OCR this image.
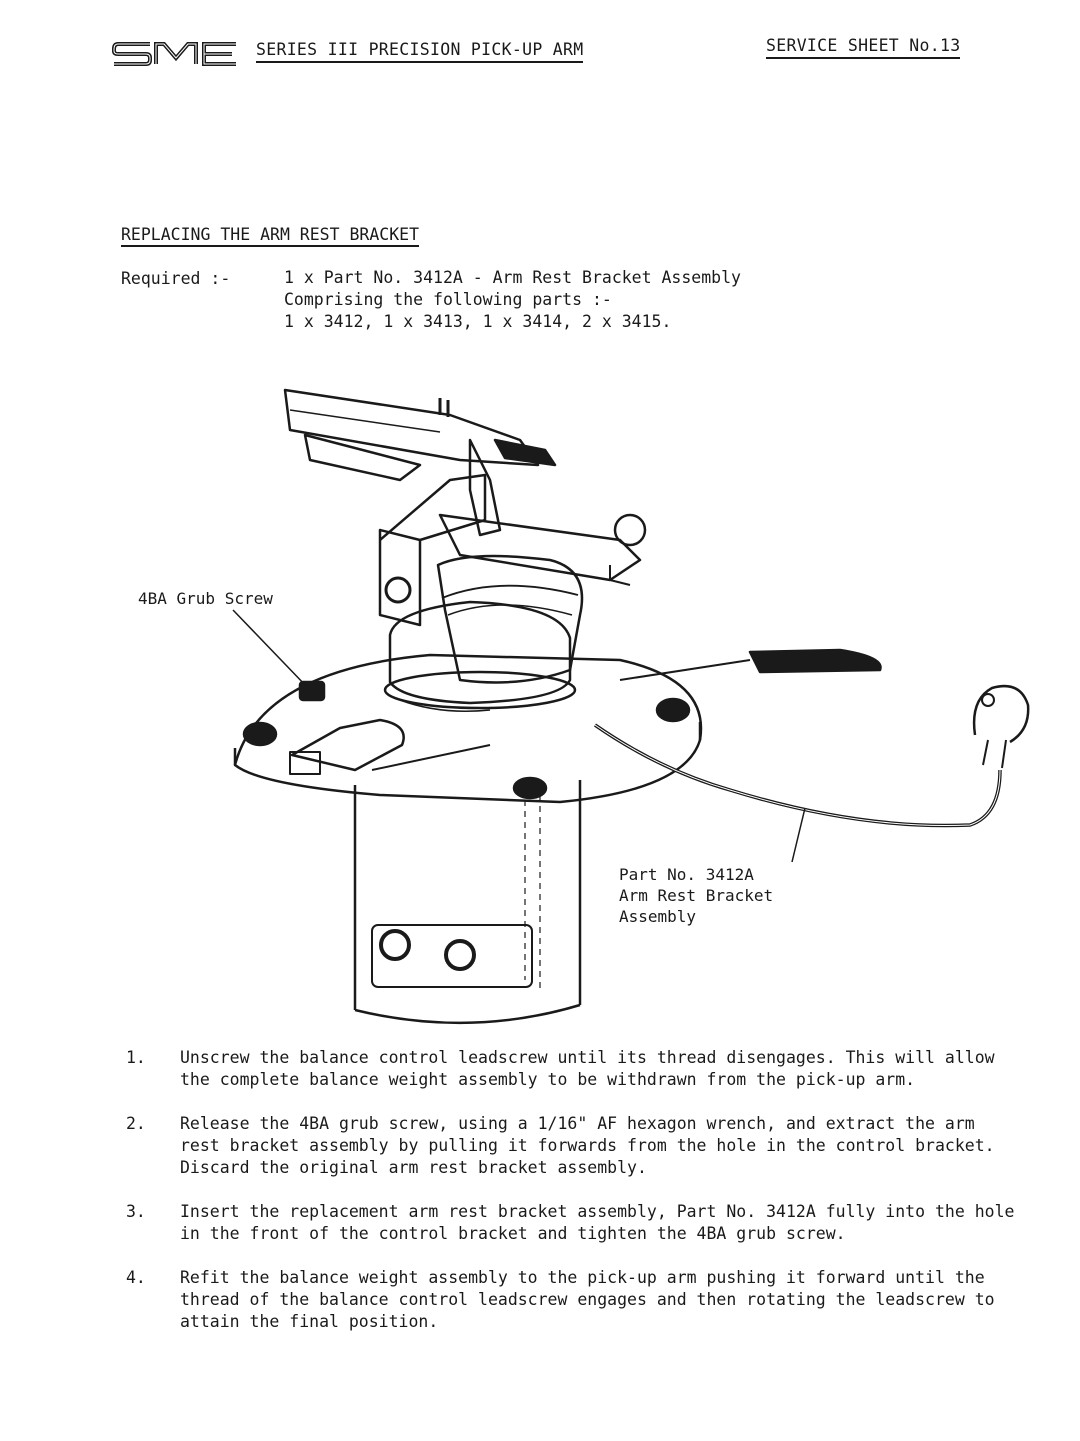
SERIES III PRECISION PICK-UP ARM	SERVICE SHEET No.13
REPLACING THE ARM REST BRACKET
Required :-	1 x Part No. 3412A - Arm Rest Bracket Assembly
Comprising the following parts :-
1 x 3412, 1 x 3413, 1 x 3414, 2 x 3415.
4BA Grub Screw
Part No. 3412A
Arm Rest Bracket
Assembly
1.	Unscrew the balance control leadscrew until its thread disengages. This will allow the complete balance weight assembly to be withdrawn from the pick-up arm.
2.	Release the 4BA grub screw, using a 1/16" AF hexagon wrench, and extract the arm rest bracket assembly by pulling it forwards from the hole in the control bracket. Discard the original arm rest bracket assembly.
3.	Insert the replacement arm rest bracket assembly, Part No. 3412A fully into the hole in the front of the control bracket and tighten the 4BA grub screw.
4.	Refit the balance weight assembly to the pick-up arm pushing it forward until the thread of the balance control leadscrew engages and then rotating the leadscrew to attain the final position.
